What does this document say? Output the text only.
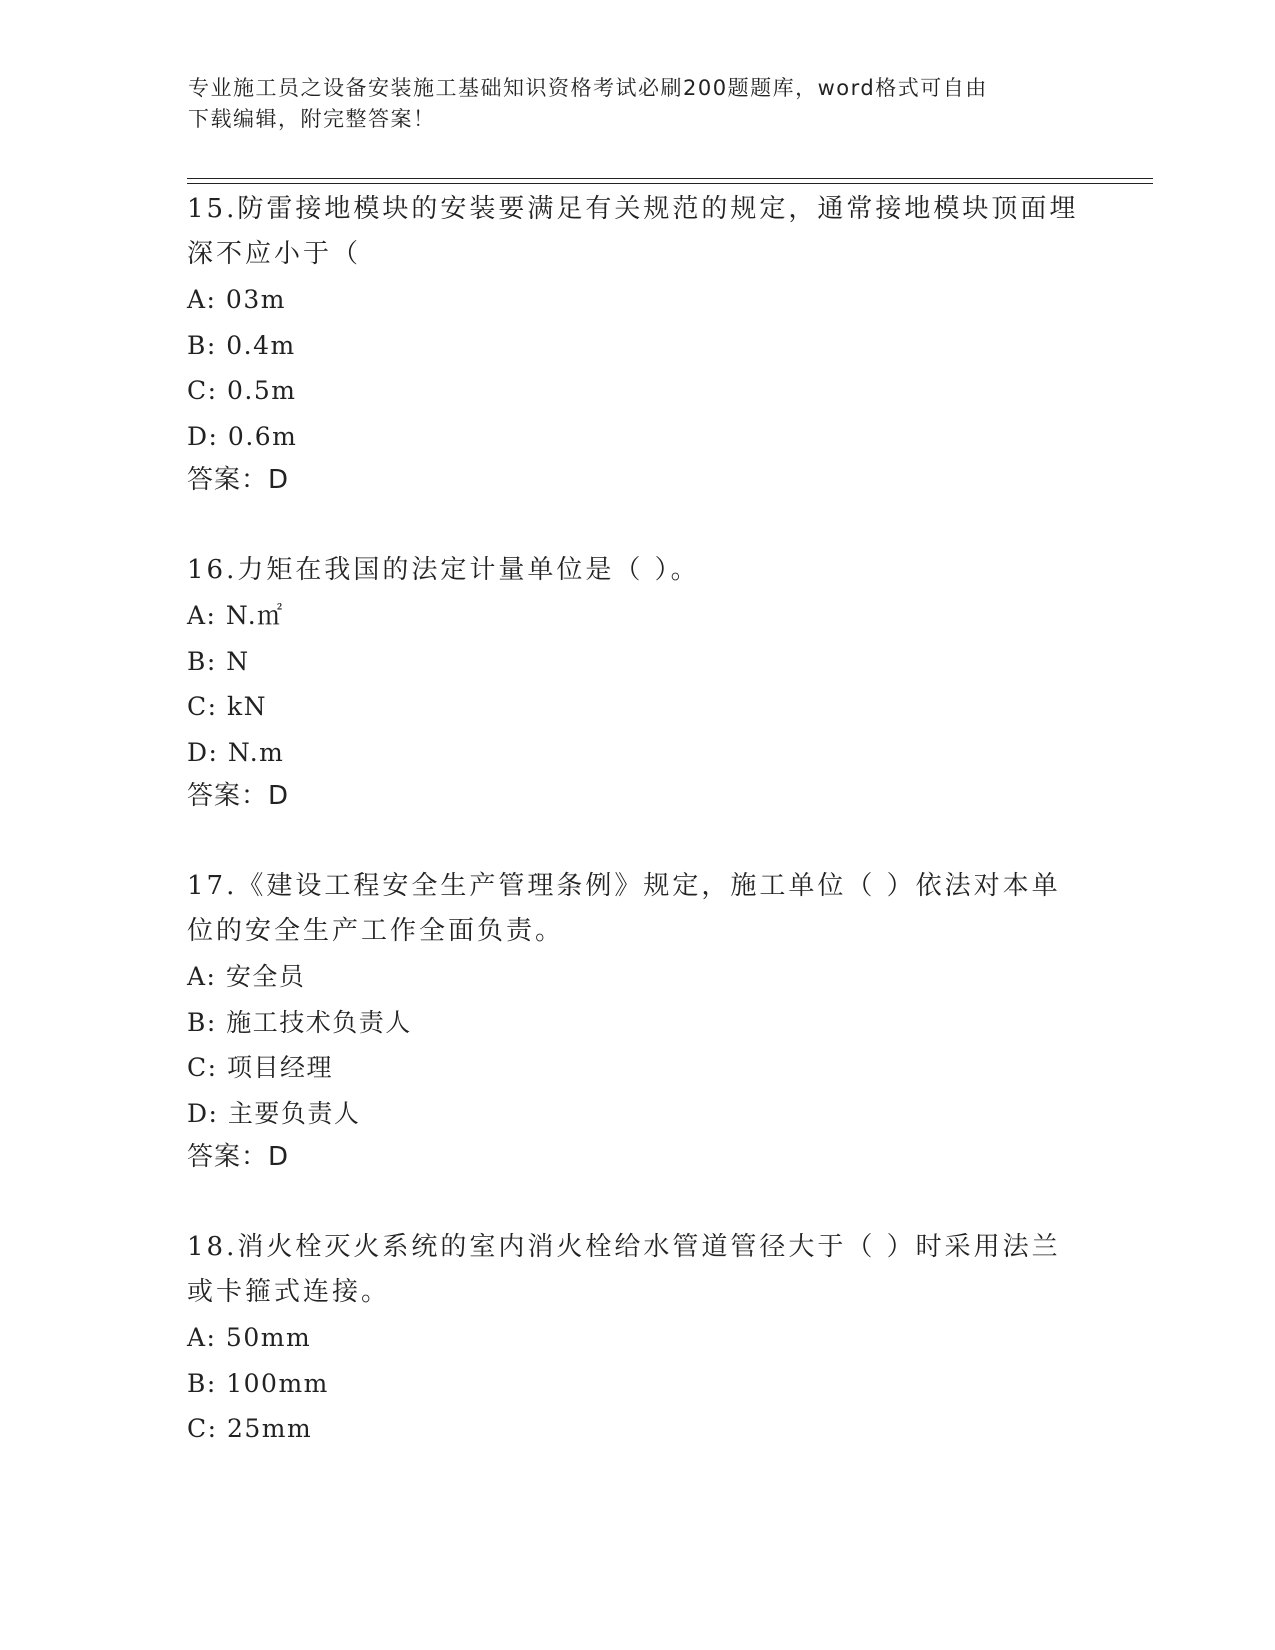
专业施工员之设备安装施工基础知识资格考试必刷200题题库，word格式可自由
下载编辑，附完整答案！
15.防雷接地模块的安装要满足有关规范的规定，通常接地模块顶面埋
深不应小于（
A: 03m
B: 0.4m
C: 0.5m
D: 0.6m
答案：D
16.力矩在我国的法定计量单位是（ ）。
A: N.㎡
B: N
C: kN
D: N.m
答案：D
17.《建设工程安全生产管理条例》规定，施工单位（ ）依法对本单
位的安全生产工作全面负责。
A: 安全员
B: 施工技术负责人
C: 项目经理
D: 主要负责人
答案：D
18.消火栓灭火系统的室内消火栓给水管道管径大于（ ）时采用法兰
或卡箍式连接。
A: 50mm
B: 100mm
C: 25mm
